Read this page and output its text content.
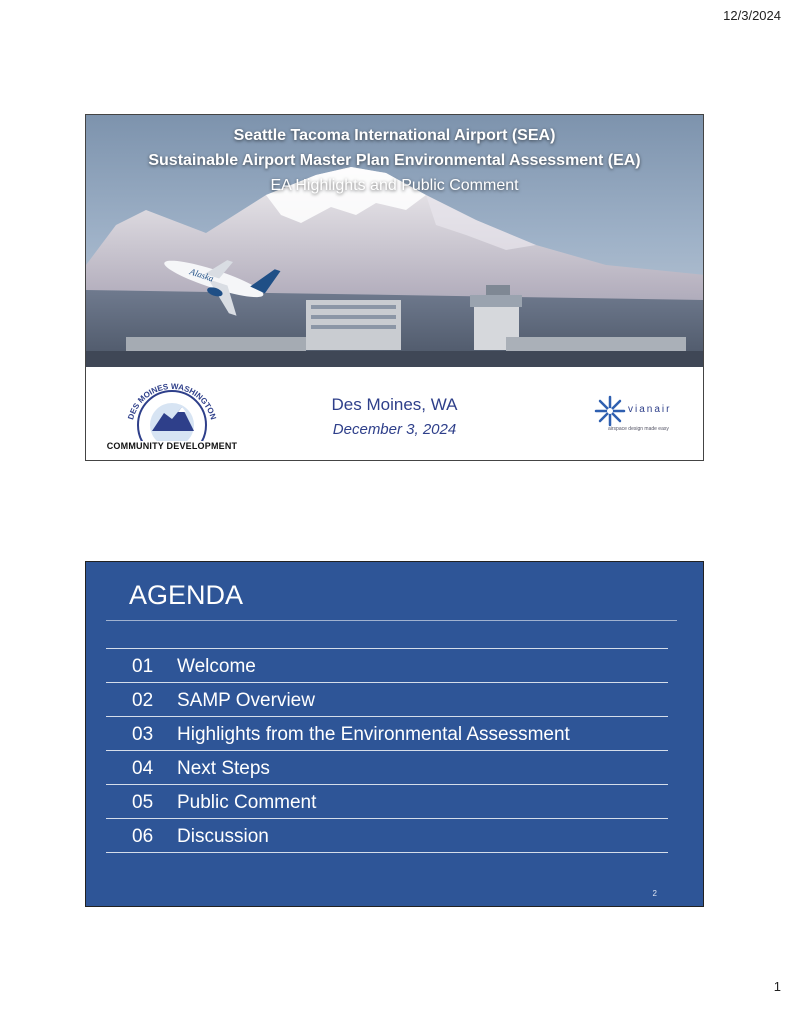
12/3/2024
Alaska
Seattle Tacoma International Airport (SEA)
Sustainable Airport Master Plan Environmental Assessment (EA)
EA Highlights and Public Comment
DES MOINES WASHINGTON
COMMUNITY DEVELOPMENT
Des Moines, WA
December 3, 2024
vianair
airspace design made easy
AGENDA
01 Welcome
02 SAMP Overview
03 Highlights from the Environmental Assessment
04 Next Steps
05 Public Comment
06 Discussion
2
1
